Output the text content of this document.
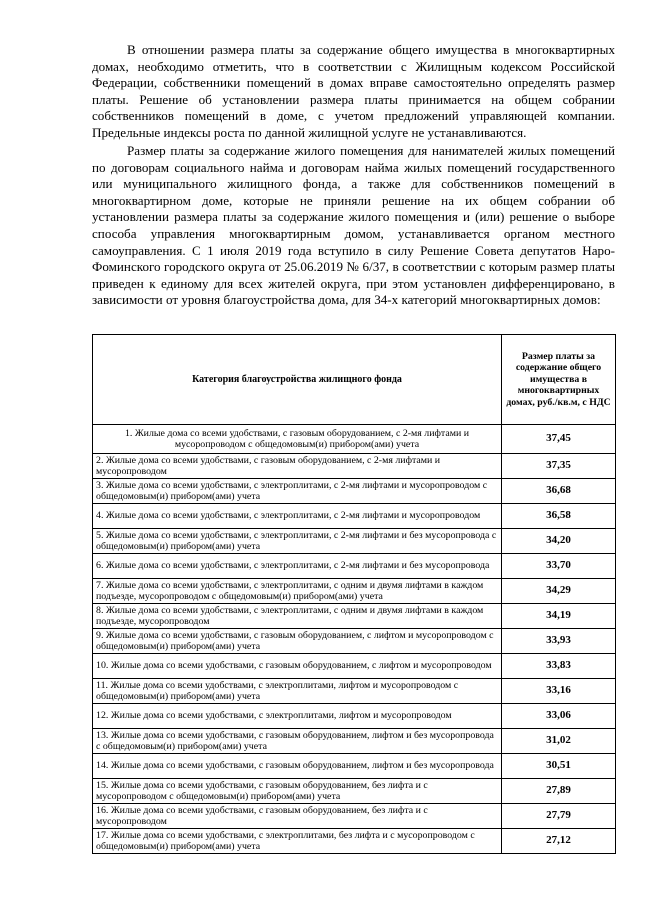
В отношении размера платы за содержание общего имущества в многоквартирных домах, необходимо отметить, что в соответствии с Жилищным кодексом Российской Федерации, собственники помещений в домах вправе самостоятельно определять размер платы. Решение об установлении размера платы принимается на общем собрании собственников помещений в доме, с учетом предложений управляющей компании. Предельные индексы роста по данной жилищной услуге не устанавливаются.

Размер платы за содержание жилого помещения для нанимателей жилых помещений по договорам социального найма и договорам найма жилых помещений государственного или муниципального жилищного фонда, а также для собственников помещений в многоквартирном доме, которые не приняли решение на их общем собрании об установлении размера платы за содержание жилого помещения и (или) решение о выборе способа управления многоквартирным домом, устанавливается органом местного самоуправления. С 1 июля 2019 года вступило в силу Решение Совета депутатов Наро-Фоминского городского округа от 25.06.2019 № 6/37, в соответствии с которым размер платы приведен к единому для всех жителей округа, при этом установлен дифференцировано, в зависимости от уровня благоустройства дома, для 34-х категорий многоквартирных домов:

Категория благоустройства жилищного фонда	Размер платы за содержание общего имущества в многоквартирных домах, руб./кв.м, с НДС
1. Жилые дома со всеми удобствами, с газовым оборудованием, с 2-мя лифтами и мусоропроводом с общедомовым(и) прибором(ами) учета	37,45
2. Жилые дома со всеми удобствами, с газовым оборудованием, с 2-мя лифтами и мусоропроводом	37,35
3. Жилые дома со всеми удобствами, с электроплитами, с 2-мя лифтами и мусоропроводом с общедомовым(и) прибором(ами) учета	36,68
4. Жилые дома со всеми удобствами, с электроплитами, с 2-мя лифтами и мусоропроводом	36,58
5. Жилые дома со всеми удобствами, с электроплитами, с 2-мя лифтами и без мусоропровода с общедомовым(и) прибором(ами) учета	34,20
6. Жилые дома со всеми удобствами, с электроплитами, с 2-мя лифтами и без мусоропровода	33,70
7. Жилые дома со всеми удобствами, с электроплитами, с одним и двумя лифтами в каждом подъезде, мусоропроводом с общедомовым(и) прибором(ами) учета	34,29
8. Жилые дома со всеми удобствами, с электроплитами, с одним и двумя лифтами в каждом подъезде, мусоропроводом	34,19
9. Жилые дома со всеми удобствами, с газовым оборудованием, с лифтом и мусоропроводом с общедомовым(и) прибором(ами) учета	33,93
10. Жилые дома со всеми удобствами, с газовым оборудованием, с лифтом и мусоропроводом	33,83
11. Жилые дома со всеми удобствами, с электроплитами, лифтом и мусоропроводом с общедомовым(и) прибором(ами) учета	33,16
12. Жилые дома со всеми удобствами, с электроплитами, лифтом и мусоропроводом	33,06
13. Жилые дома со всеми удобствами, с газовым оборудованием, лифтом и без мусоропровода с общедомовым(и) прибором(ами) учета	31,02
14. Жилые дома со всеми удобствами, с газовым оборудованием, лифтом и без мусоропровода	30,51
15. Жилые дома со всеми удобствами, с газовым оборудованием, без лифта и с мусоропроводом с общедомовым(и) прибором(ами) учета	27,89
16. Жилые дома со всеми удобствами, с газовым оборудованием, без лифта и с мусоропроводом	27,79
17. Жилые дома со всеми удобствами, с электроплитами, без лифта и с мусоропроводом с общедомовым(и) прибором(ами) учета	27,12
